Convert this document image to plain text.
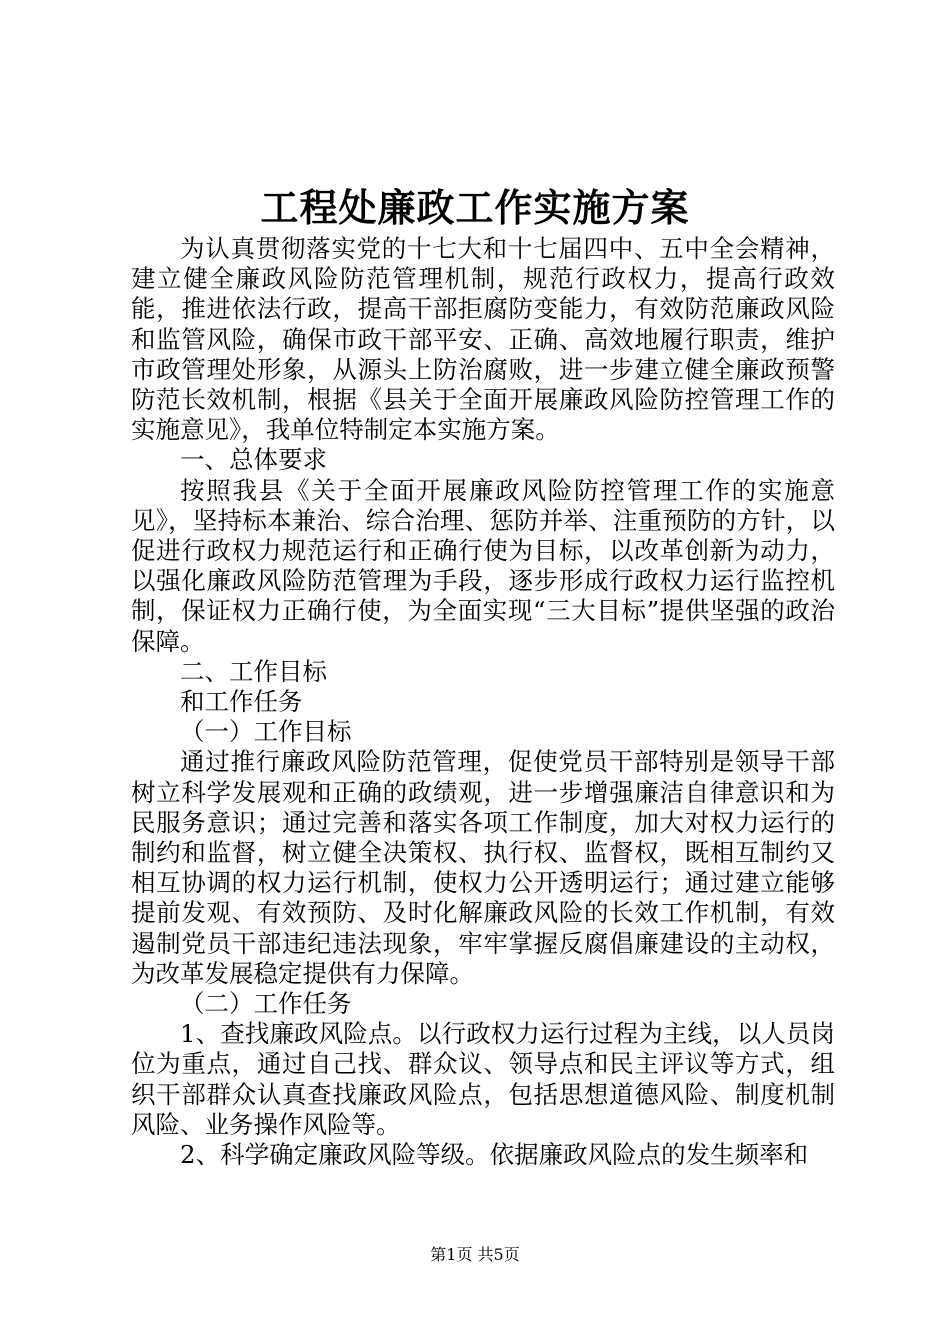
工程处廉政工作实施方案

为认真贯彻落实党的十七大和十七届四中、五中全会精神，建立健全廉政风险防范管理机制，规范行政权力，提高行政效能，推进依法行政，提高干部拒腐防变能力，有效防范廉政风险和监管风险，确保市政干部平安、正确、高效地履行职责，维护市政管理处形象，从源头上防治腐败，进一步建立健全廉政预警防范长效机制，根据《县关于全面开展廉政风险防控管理工作的实施意见》，我单位特制定本实施方案。

一、总体要求

按照我县《关于全面开展廉政风险防控管理工作的实施意见》，坚持标本兼治、综合治理、惩防并举、注重预防的方针，以促进行政权力规范运行和正确行使为目标，以改革创新为动力，以强化廉政风险防范管理为手段，逐步形成行政权力运行监控机制，保证权力正确行使，为全面实现“三大目标”提供坚强的政治保障。

二、工作目标

和工作任务

（一）工作目标

通过推行廉政风险防范管理，促使党员干部特别是领导干部树立科学发展观和正确的政绩观，进一步增强廉洁自律意识和为民服务意识；通过完善和落实各项工作制度，加大对权力运行的制约和监督，树立健全决策权、执行权、监督权，既相互制约又相互协调的权力运行机制，使权力公开透明运行；通过建立能够提前发观、有效预防、及时化解廉政风险的长效工作机制，有效遏制党员干部违纪违法现象，牢牢掌握反腐倡廉建设的主动权，为改革发展稳定提供有力保障。

（二）工作任务

1、查找廉政风险点。以行政权力运行过程为主线，以人员岗位为重点，通过自己找、群众议、领导点和民主评议等方式，组织干部群众认真查找廉政风险点，包括思想道德风险、制度机制风险、业务操作风险等。

2、科学确定廉政风险等级。依据廉政风险点的发生频率和

第1页 共5页
